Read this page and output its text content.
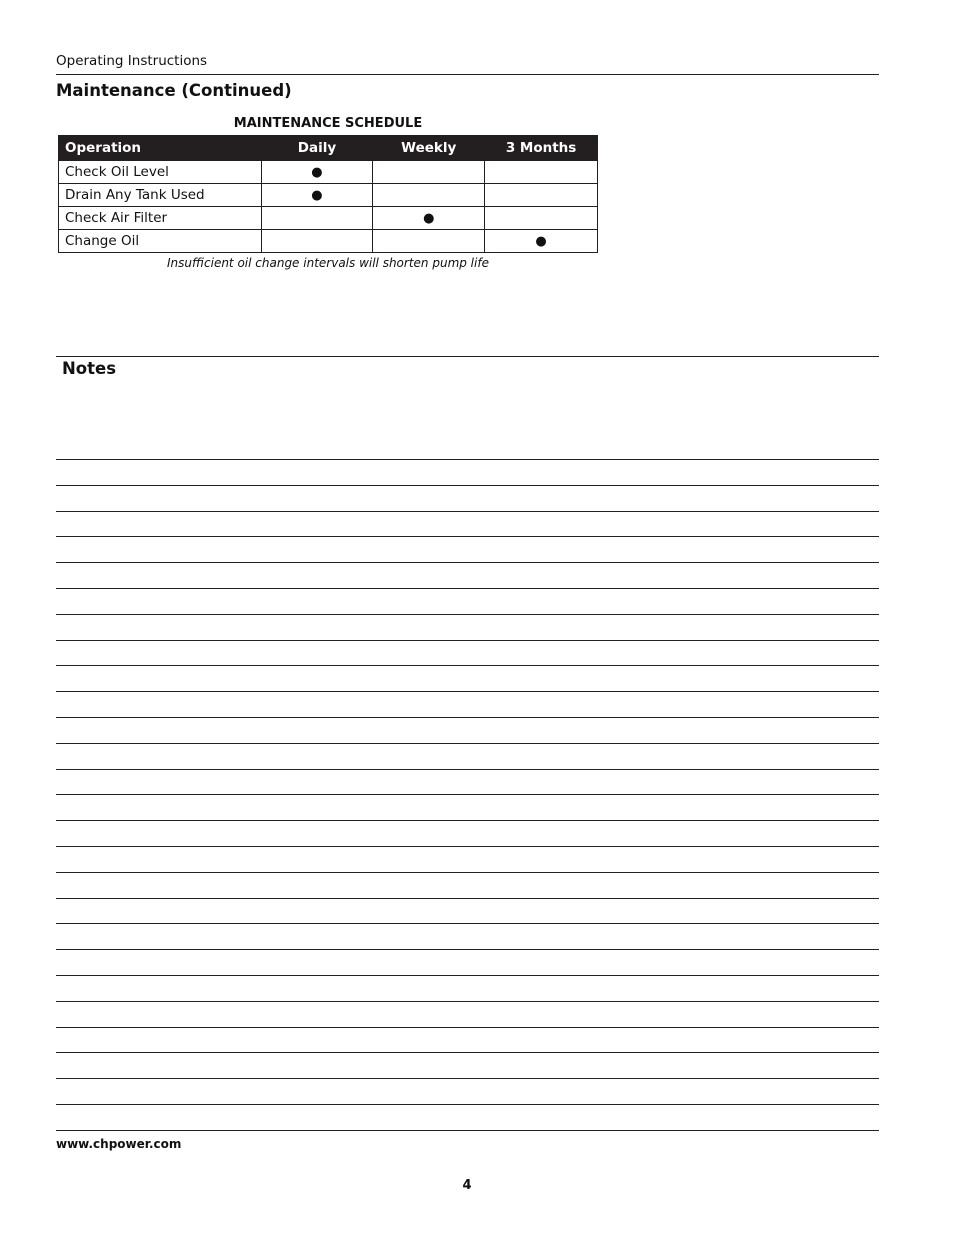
Operating Instructions
Maintenance (Continued)
MAINTENANCE SCHEDULE
Operation	Daily	Weekly	3 Months
Check Oil Level	●		
Drain Any Tank Used	●		
Check Air Filter		●	
Change Oil			●
Insufficient oil change intervals will shorten pump life
Notes
www.chpower.com
4
